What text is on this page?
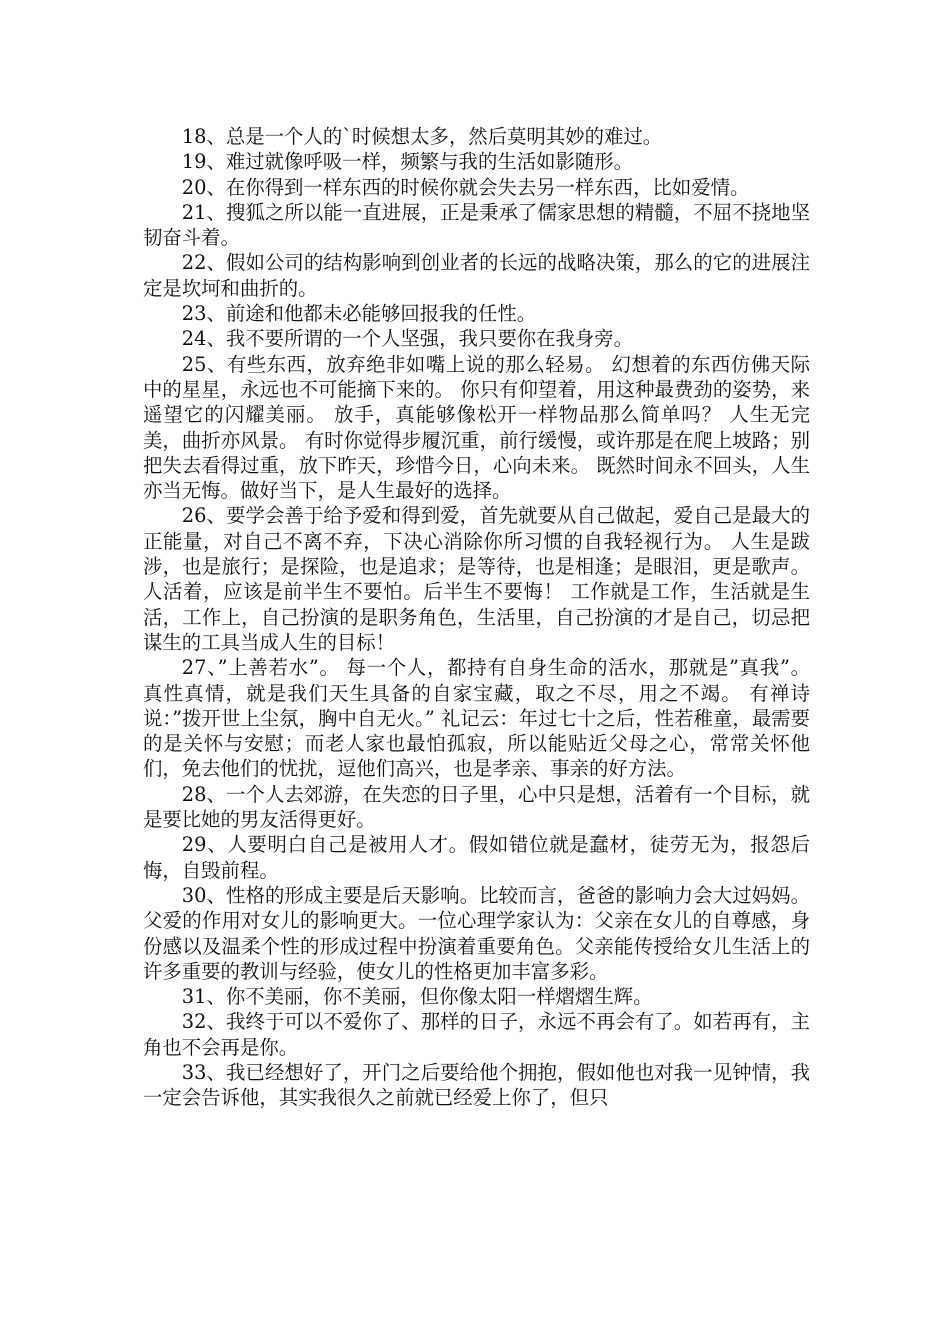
18、总是一个人的`时候想太多，然后莫明其妙的难过。

19、难过就像呼吸一样，频繁与我的生活如影随形。

20、在你得到一样东西的时候你就会失去另一样东西，比如爱情。

21、搜狐之所以能一直进展，正是秉承了儒家思想的精髓，不屈不挠地坚韧奋斗着。

22、假如公司的结构影响到创业者的长远的战略决策，那么的它的进展注定是坎坷和曲折的。

23、前途和他都未必能够回报我的任性。

24、我不要所谓的一个人坚强，我只要你在我身旁。

25、有些东西，放弃绝非如嘴上说的那么轻易。 幻想着的东西仿佛天际中的星星，永远也不可能摘下来的。 你只有仰望着，用这种最费劲的姿势，来遥望它的闪耀美丽。 放手，真能够像松开一样物品那么简单吗？ 人生无完美，曲折亦风景。 有时你觉得步履沉重，前行缓慢，或许那是在爬上坡路；别把失去看得过重，放下昨天，珍惜今日，心向未来。 既然时间永不回头，人生亦当无悔。做好当下，是人生最好的选择。

26、要学会善于给予爱和得到爱，首先就要从自己做起，爱自己是最大的正能量，对自己不离不弃，下决心消除你所习惯的自我轻视行为。 人生是跋涉，也是旅行；是探险，也是追求；是等待，也是相逢；是眼泪，更是歌声。 人活着，应该是前半生不要怕。后半生不要悔！ 工作就是工作，生活就是生活，工作上，自己扮演的是职务角色，生活里，自己扮演的才是自己，切忌把谋生的工具当成人生的目标！

27、”上善若水”。 每一个人，都持有自身生命的活水，那就是”真我”。 真性真情，就是我们天生具备的自家宝藏，取之不尽，用之不竭。 有禅诗说：”拨开世上尘氛，胸中自无火。” 礼记云：年过七十之后，性若稚童，最需要的是关怀与安慰；而老人家也最怕孤寂，所以能贴近父母之心，常常关怀他们，免去他们的忧扰，逗他们高兴，也是孝亲、事亲的好方法。

28、一个人去郊游，在失恋的日子里，心中只是想，活着有一个目标，就是要比她的男友活得更好。

29、人要明白自己是被用人才。假如错位就是蠢材，徒劳无为，报怨后悔，自毁前程。

30、性格的形成主要是后天影响。比较而言，爸爸的影响力会大过妈妈。父爱的作用对女儿的影响更大。一位心理学家认为：父亲在女儿的自尊感，身份感以及温柔个性的形成过程中扮演着重要角色。父亲能传授给女儿生活上的许多重要的教训与经验，使女儿的性格更加丰富多彩。

31、你不美丽，你不美丽，但你像太阳一样熠熠生辉。

32、我终于可以不爱你了、那样的日子，永远不再会有了。如若再有，主角也不会再是你。

33、我已经想好了，开门之后要给他个拥抱，假如他也对我一见钟情，我一定会告诉他，其实我很久之前就已经爱上你了，但只
